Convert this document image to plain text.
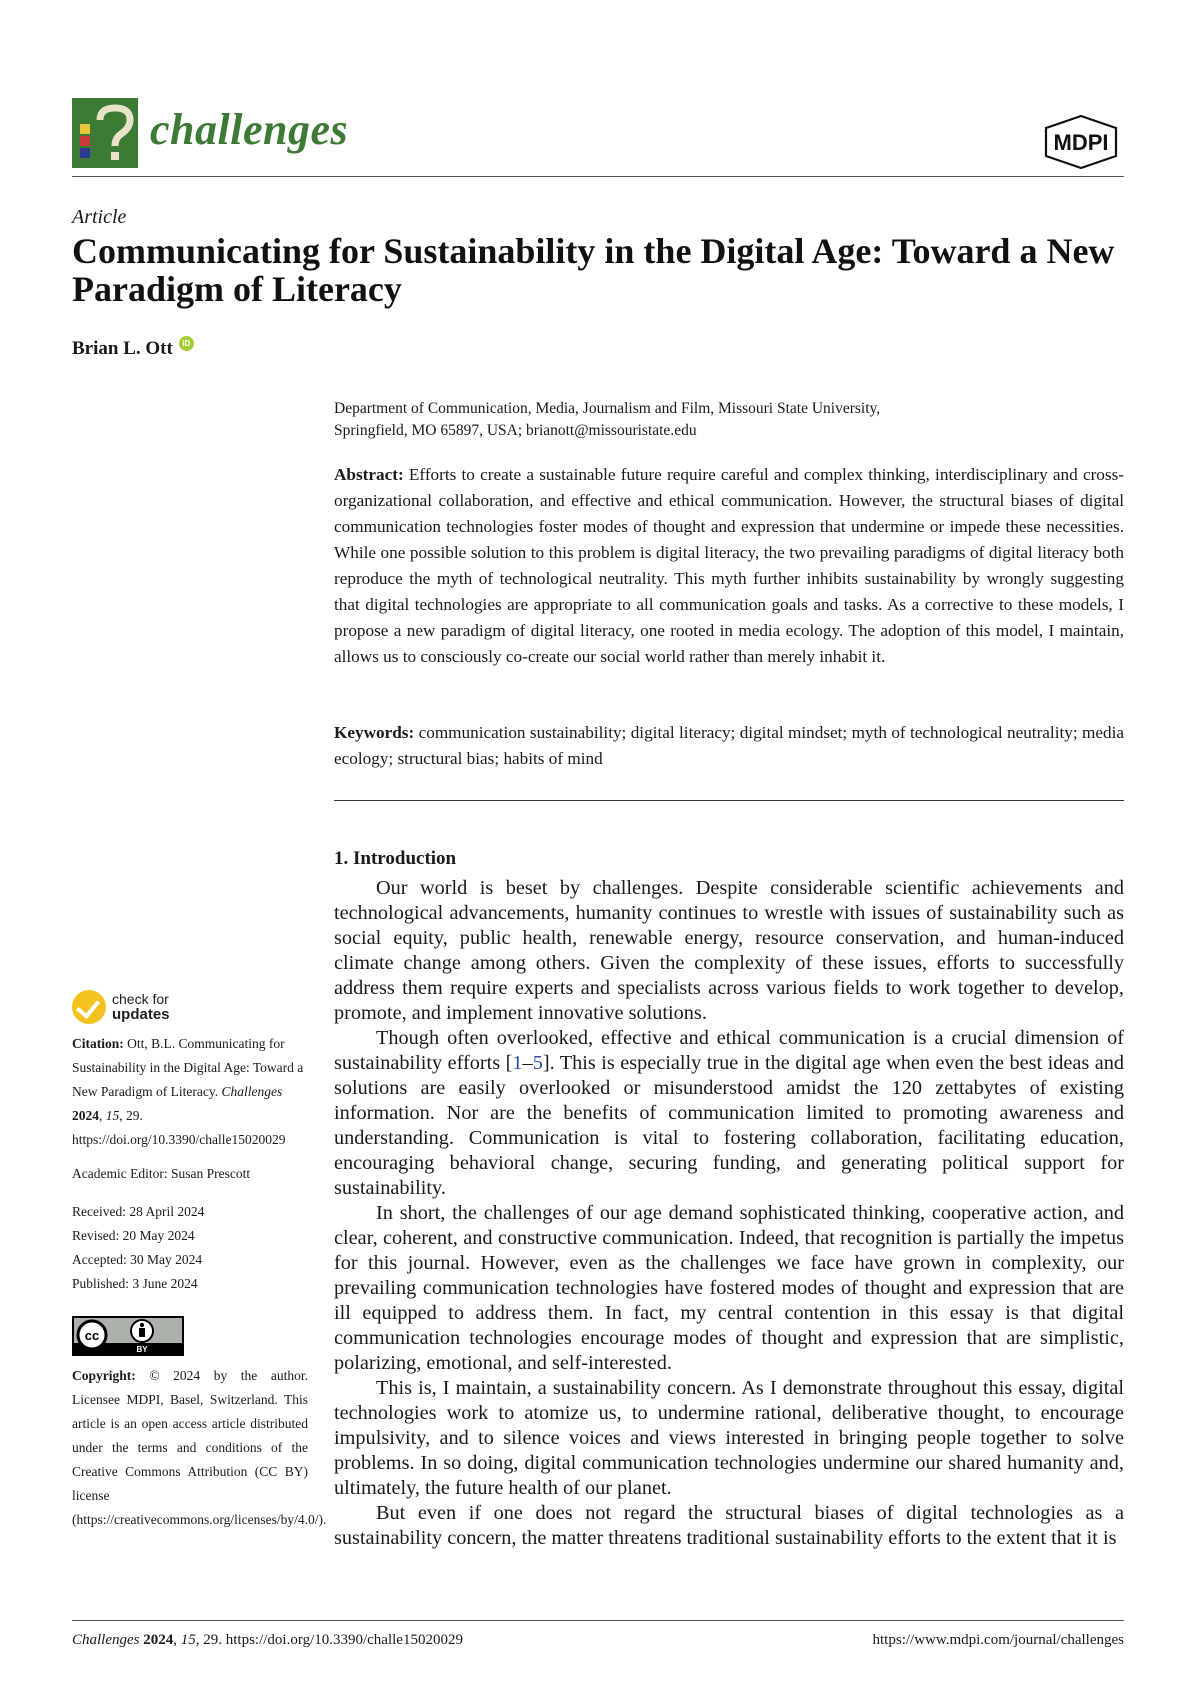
challenges	MDPI
Article
Communicating for Sustainability in the Digital Age: Toward a New Paradigm of Literacy
Brian L. Ott	iD
Department of Communication, Media, Journalism and Film, Missouri State University,
Springfield, MO 65897, USA; brianott@missouristate.edu
Abstract: Efforts to create a sustainable future require careful and complex thinking, interdisciplinary and cross-organizational collaboration, and effective and ethical communication. However, the structural biases of digital communication technologies foster modes of thought and expression that undermine or impede these necessities. While one possible solution to this problem is digital literacy, the two prevailing paradigms of digital literacy both reproduce the myth of technological neutrality. This myth further inhibits sustainability by wrongly suggesting that digital technologies are appropriate to all communication goals and tasks. As a corrective to these models, I propose a new paradigm of digital literacy, one rooted in media ecology. The adoption of this model, I maintain, allows us to consciously co-create our social world rather than merely inhabit it.
Keywords: communication sustainability; digital literacy; digital mindset; myth of technological neutrality; media ecology; structural bias; habits of mind
1. Introduction

Our world is beset by challenges. Despite considerable scientific achievements and technological advancements, humanity continues to wrestle with issues of sustainability such as social equity, public health, renewable energy, resource conservation, and human-induced climate change among others. Given the complexity of these issues, efforts to successfully address them require experts and specialists across various fields to work together to develop, promote, and implement innovative solutions.

Though often overlooked, effective and ethical communication is a crucial dimension of sustainability efforts [1–5]. This is especially true in the digital age when even the best ideas and solutions are easily overlooked or misunderstood amidst the 120 zettabytes of existing information. Nor are the benefits of communication limited to promoting awareness and understanding. Communication is vital to fostering collaboration, facilitating education, encouraging behavioral change, securing funding, and generating political support for sustainability.

In short, the challenges of our age demand sophisticated thinking, cooperative action, and clear, coherent, and constructive communication. Indeed, that recognition is partially the impetus for this journal. However, even as the challenges we face have grown in complexity, our prevailing communication technologies have fostered modes of thought and expression that are ill equipped to address them. In fact, my central contention in this essay is that digital communication technologies encourage modes of thought and expression that are simplistic, polarizing, emotional, and self-interested.

This is, I maintain, a sustainability concern. As I demonstrate throughout this essay, digital technologies work to atomize us, to undermine rational, deliberative thought, to encourage impulsivity, and to silence voices and views interested in bringing people together to solve problems. In so doing, digital communication technologies undermine our shared humanity and, ultimately, the future health of our planet.

But even if one does not regard the structural biases of digital technologies as a sustainability concern, the matter threatens traditional sustainability efforts to the extent that it is

check for
updates
Citation: Ott, B.L. Communicating for Sustainability in the Digital Age: Toward a New Paradigm of Literacy. Challenges 2024, 15, 29. https://doi.org/10.3390/challe15020029
Academic Editor: Susan Prescott
Received: 28 April 2024
Revised: 20 May 2024
Accepted: 30 May 2024
Published: 3 June 2024
cc
BY
Copyright: © 2024 by the author. Licensee MDPI, Basel, Switzerland. This article is an open access article distributed under the terms and conditions of the Creative Commons Attribution (CC BY) license (https://creativecommons.org/licenses/by/4.0/).
Challenges 2024, 15, 29. https://doi.org/10.3390/challe15020029	https://www.mdpi.com/journal/challenges
